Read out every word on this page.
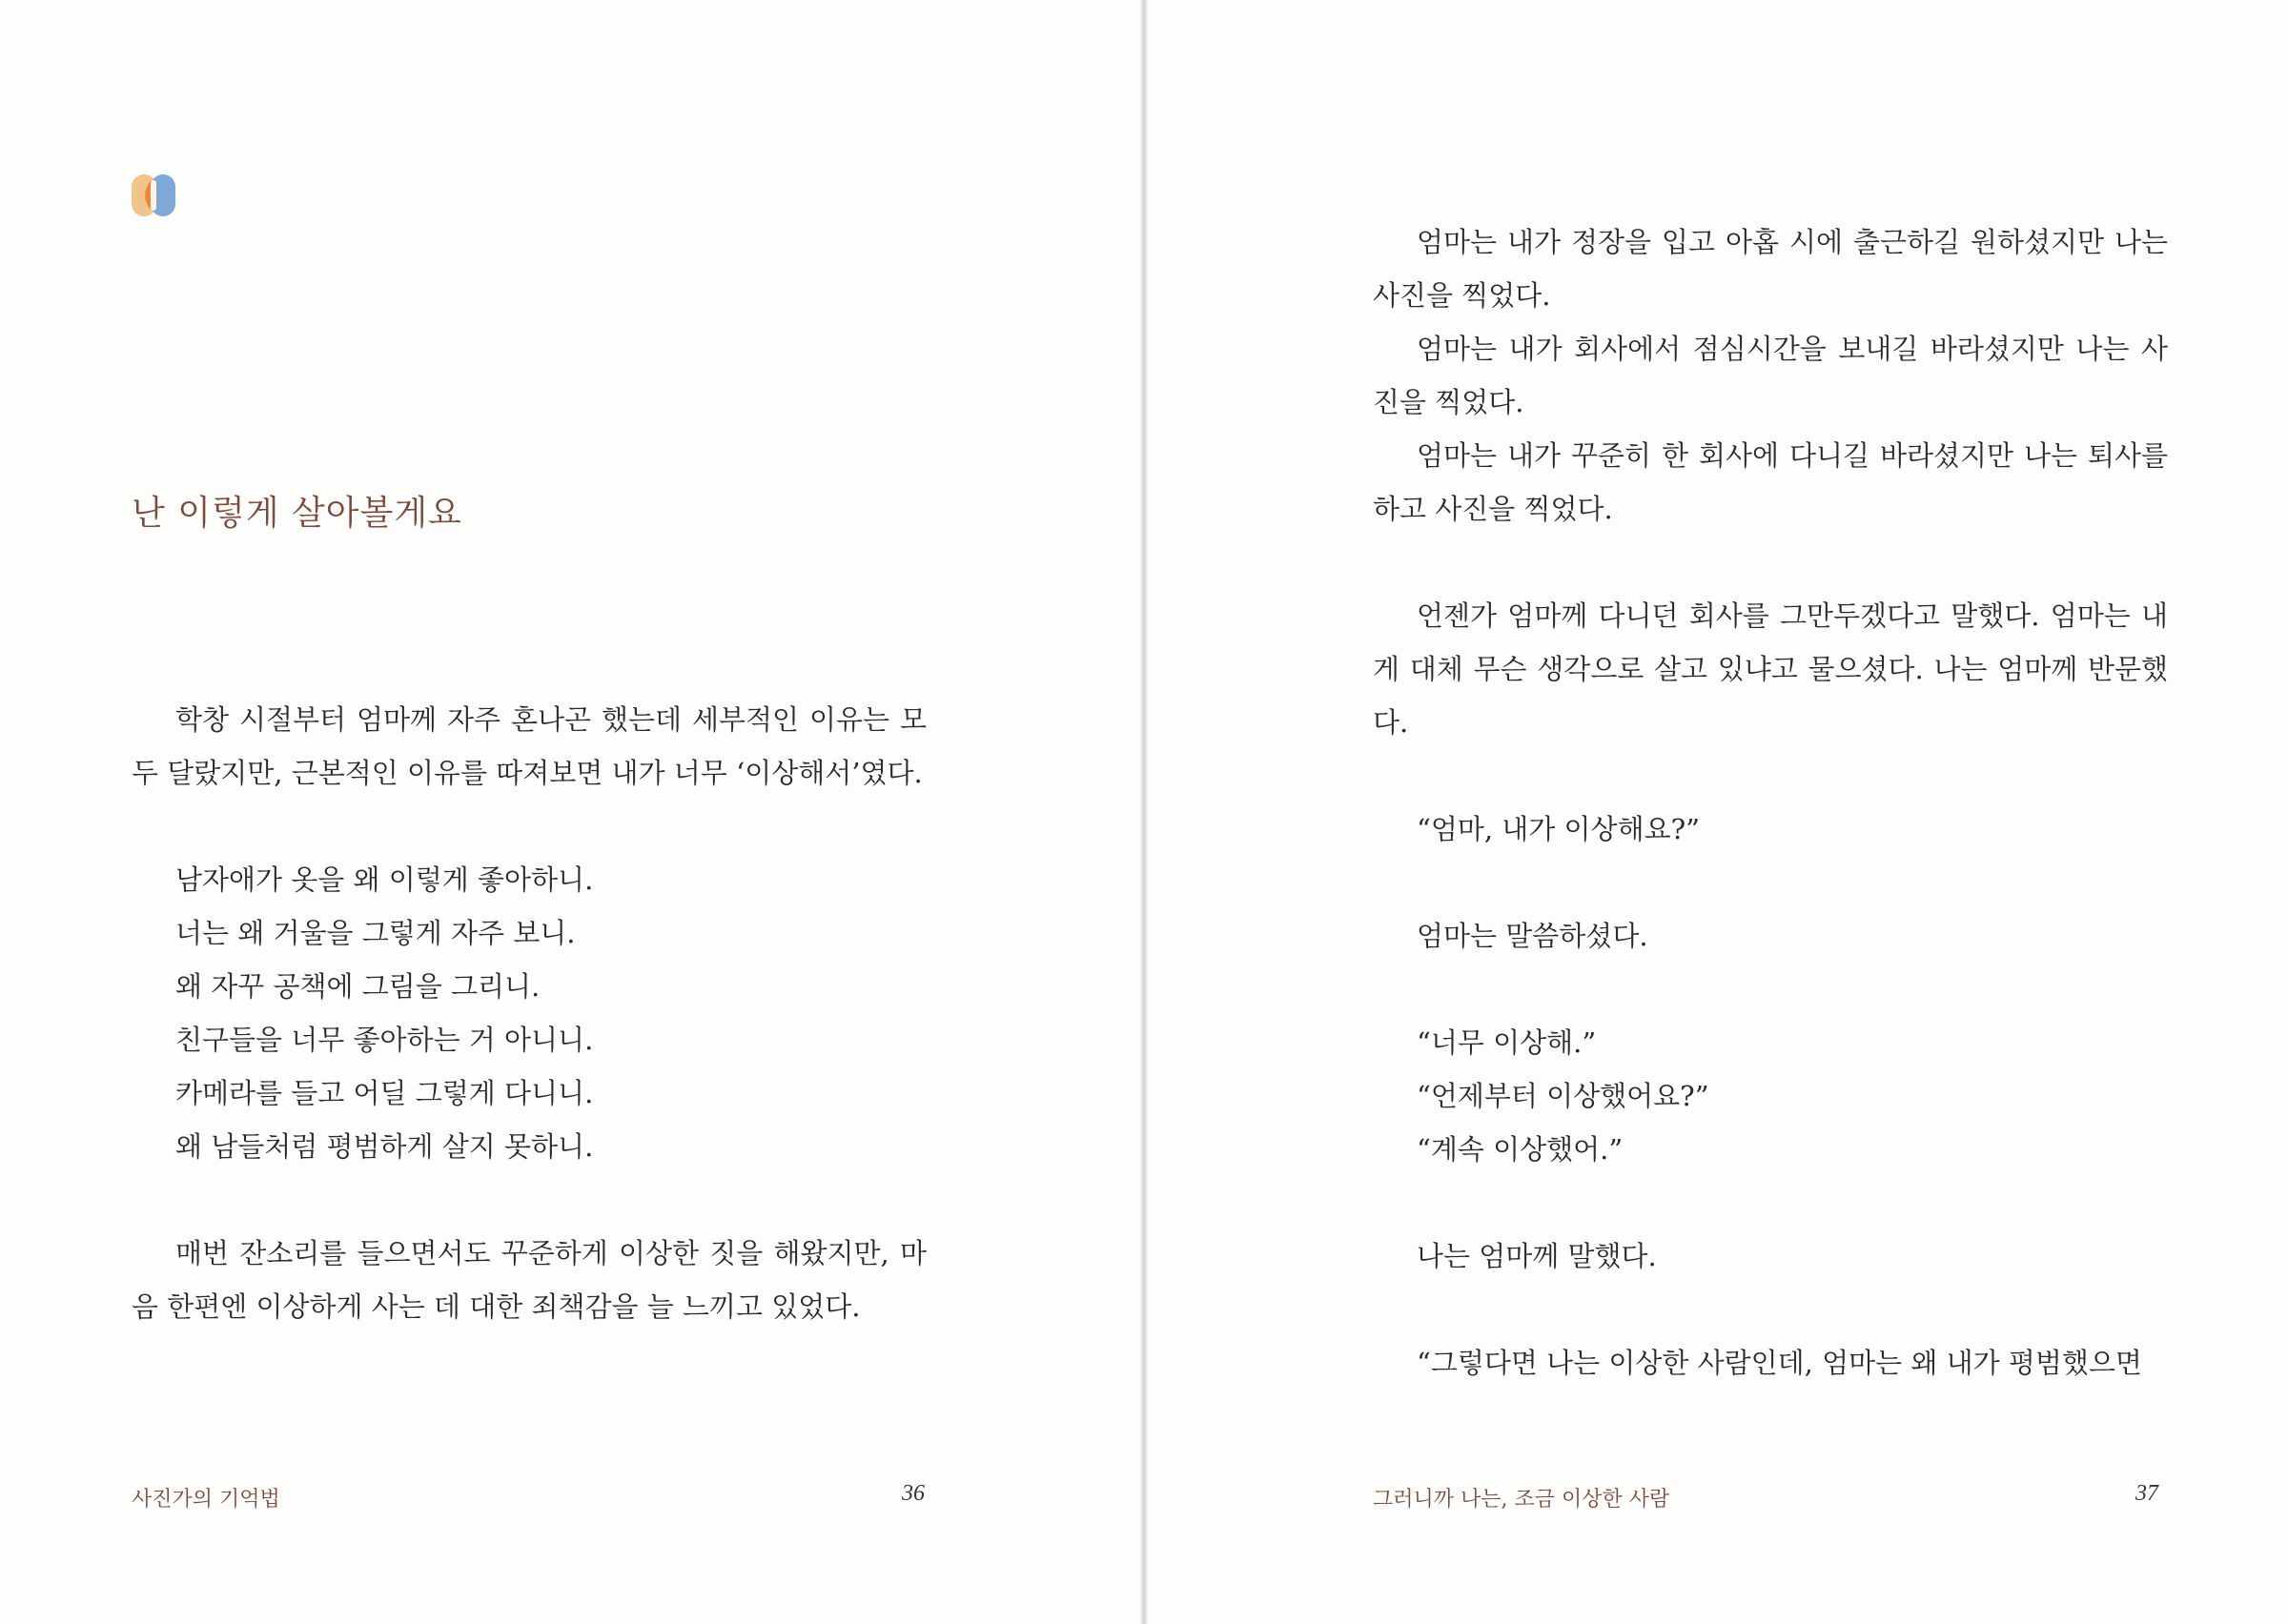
난 이렇게 살아볼게요

학창 시절부터 엄마께 자주 혼나곤 했는데 세부적인 이유는 모두 달랐지만, 근본적인 이유를 따져보면 내가 너무 ‘이상해서’였다.

남자애가 옷을 왜 이렇게 좋아하니.

너는 왜 거울을 그렇게 자주 보니.

왜 자꾸 공책에 그림을 그리니.

친구들을 너무 좋아하는 거 아니니.

카메라를 들고 어딜 그렇게 다니니.

왜 남들처럼 평범하게 살지 못하니.

매번 잔소리를 들으면서도 꾸준하게 이상한 짓을 해왔지만, 마음 한편엔 이상하게 사는 데 대한 죄책감을 늘 느끼고 있었다.

사진가의 기억법	36

엄마는 내가 정장을 입고 아홉 시에 출근하길 원하셨지만 나는 사진을 찍었다.

엄마는 내가 회사에서 점심시간을 보내길 바라셨지만 나는 사진을 찍었다.

엄마는 내가 꾸준히 한 회사에 다니길 바라셨지만 나는 퇴사를 하고 사진을 찍었다.

언젠가 엄마께 다니던 회사를 그만두겠다고 말했다. 엄마는 내게 대체 무슨 생각으로 살고 있냐고 물으셨다. 나는 엄마께 반문했다.

“엄마, 내가 이상해요?”

엄마는 말씀하셨다.

“너무 이상해.”

“언제부터 이상했어요?”

“계속 이상했어.”

나는 엄마께 말했다.

“그렇다면 나는 이상한 사람인데, 엄마는 왜 내가 평범했으면

그러니까 나는, 조금 이상한 사람	37
